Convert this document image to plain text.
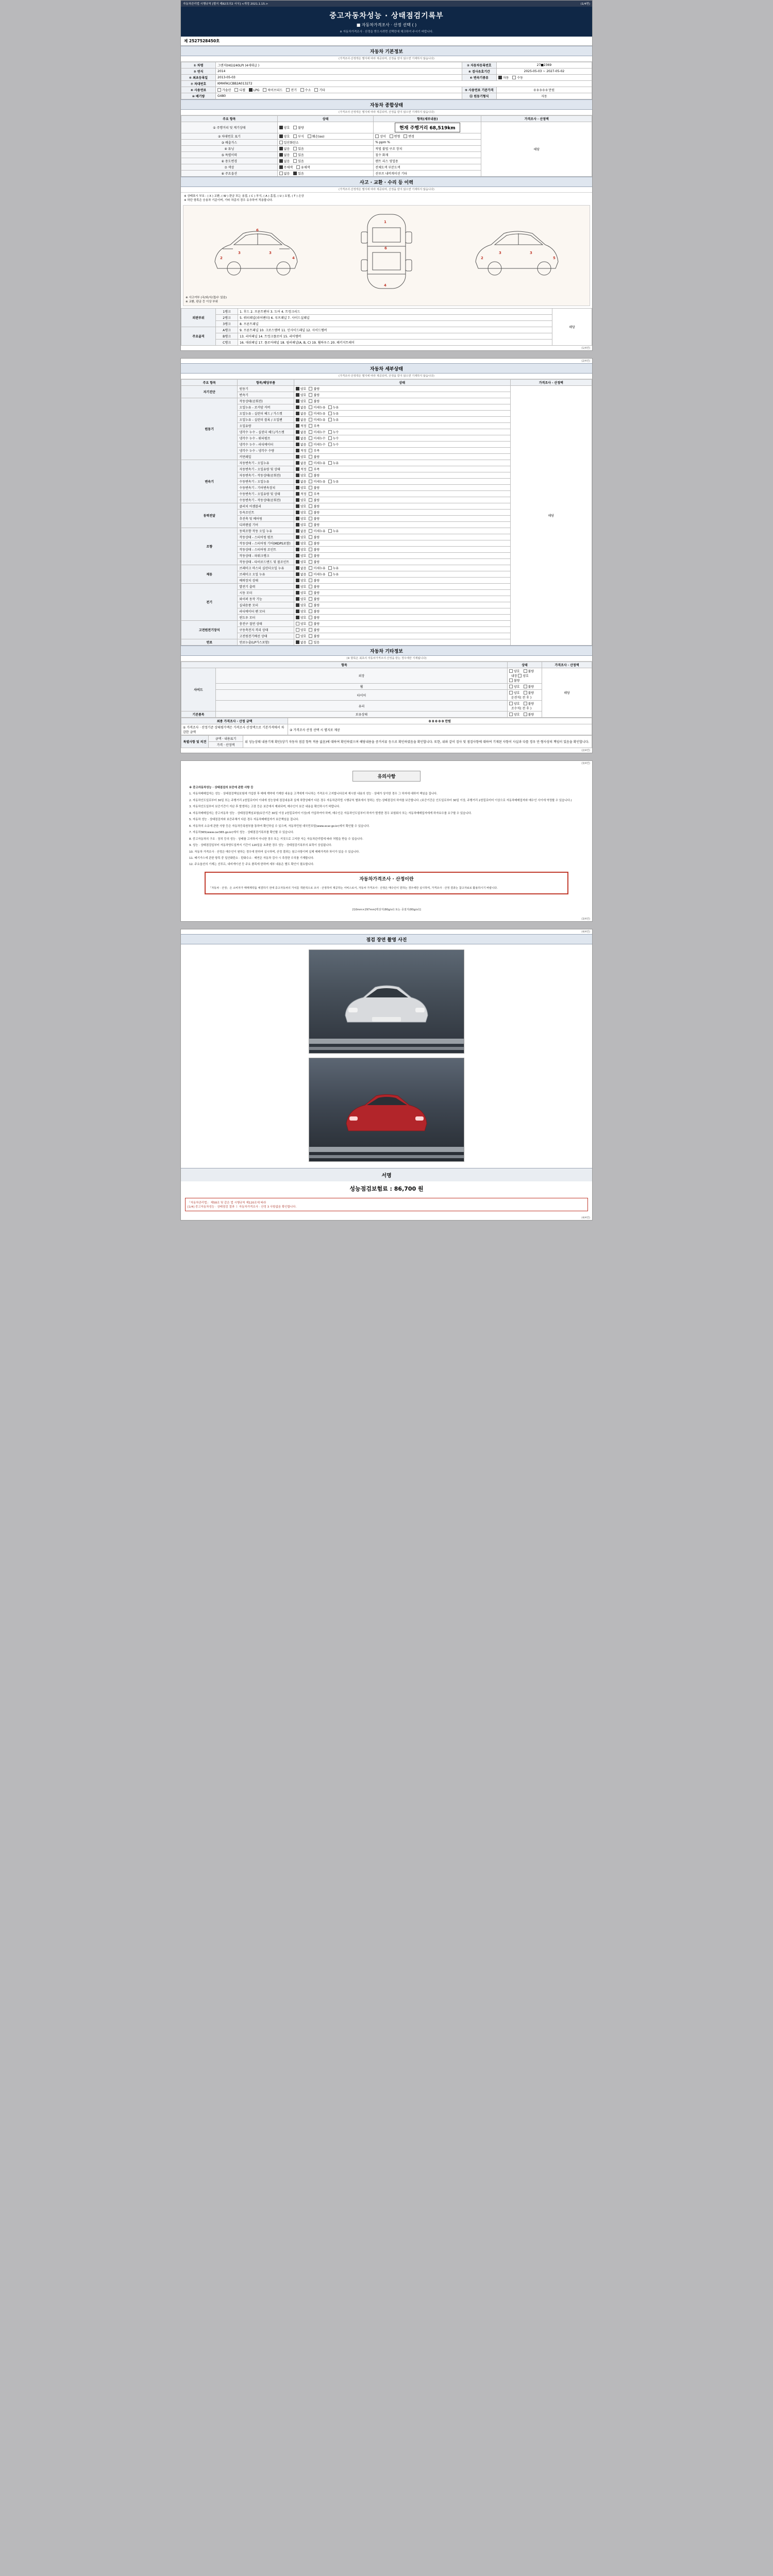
자동차관리법 시행규칙 [별지 제82호의2 서식] <개정 2021.1.15.>	(1/4면)
중고자동차성능 · 상태점검기록부
■ 자동차가격조사 · 산정 선택 ( )
※ 자동차가격조사 · 산정을 받으시려면 선택란에 체크하여 주시기 바랍니다.
제 2527528450호
자동차 기본정보
(가격조사·산정액은 별지에 따라 제공되며, 산정을 받지 않으면 기재하지 않습니다)
① 차명	그랜저(HG)240LPI (4세대급 )	② 자동차등록번호	27■2369
③ 연식	2014	④ 검사유효기간	2025-05-03 ~ 2027-05-02
⑤ 최초등록일	2013-05-03	⑥ 변속기종류	자동 수동
⑦ 차대번호	KMHFA1CBB2A013272		
⑧ 사용연료	가솔린 디젤 LPG 하이브리드 전기 수소 기타	⑨ 사용연료 기준가격	0 0 0 0 0 만원
⑩ 배기량	G480	⑪ 원동기형식	자동
자동차 종합상태
(가격조사·산정액은 별지에 따라 제공되며, 산정을 받지 않으면 기재하지 않습니다)
주요 항목	상태	항목(세부내용)	가격조사 · 산정액
① 주행거리 및 계기상태	양호 불량	현재 주행거리 68,519km	해당
② 차대번호 표기	양호 부식 훼손(oo)	상이 변형 변경	
③ 배출가스	일산화탄소	% ppm %	
④ 튜닝	없음 있음	적법 불법 구조 장치	
⑤ 특별이력	없음 있음	침수 화재	
⑥ 용도변경	없음 있음	렌트 리스 영업용	
⑦ 색상	무채색 유채색	전체도색 부분도색	
⑧ 주요옵션	없음 있음	선루프 내비게이션 기타	
사고 · 교환 · 수리 등 이력
(가격조사·산정액은 별지에 따라 제공되며, 산정을 받지 않으면 기재하지 않습니다)
※ 상태표시 부호 : ( X ) 교환, ( W ) 판금 또는 용접, ( C ) 부식, ( A ) 흠집, ( U ) 요철, ( T ) 손상
※ 하단 항목은 승용차 기준이며, 기타 차종의 경우 유추하여 적용합니다.
3	3
2	4
6
1
4
6
3	3
2	5
※ 사고여부 (국/외/사/결/수 있음)
※ 교환, 판금 등 이상 부위
외판부위	1랭크	1. 후드 2. 프론트팬더 3. 도어 4. 트렁크리드	해당
	2랭크	5. 쿼터패널(리어팬더) 6. 루프패널 7. 사이드실패널	
	3랭크	8. 프론트패널	
주요골격	A랭크	9. 프론트패널 10. 크로스멤버 11. 인사이드패널 12. 사이드멤버	
	B랭크	13. 리어패널 14. 트렁크플로어 15. 리어멤버	
	C랭크	16. 대쉬패널 17. 플로어패널 18. 필러패널(A, B, C) 19. 휠하우스 20. 패키지트레이	
(1/4면)
(2/4면)
자동차 세부상태
(가격조사·산정액은 별지에 따라 제공되며, 산정을 받지 않으면 기재하지 않습니다)
주요 항목	항목/해당부품	상태	가격조사 · 산정액
자기진단	원동기	양호 불량	해당
	변속기	양호 불량	
원동기	작동상태(공회전)	양호 불량	
	오일누유 - 로커암 커버	없음 미세누유 누유	
	오일누유 - 실린더 헤드 / 가스켓	없음 미세누유 누유	
	오일누유 - 실린더 블록 / 오일팬	없음 미세누유 누유	
	오일유량	적정 부족	
	냉각수 누수 - 실린더 헤드/가스켓	없음 미세누수 누수	
	냉각수 누수 - 워터펌프	없음 미세누수 누수	
	냉각수 누수 - 라디에이터	없음 미세누수 누수	
	냉각수 누수 - 냉각수 수량	적정 부족	
	커먼레일	양호 불량	
변속기	자동변속기 - 오일누유	없음 미세누유 누유	
	자동변속기 - 오일유량 및 상태	적정 부족	
	자동변속기 - 작동상태(공회전)	양호 불량	
	수동변속기 - 오일누유	없음 미세누유 누유	
	수동변속기 - 기어변속장치	양호 불량	
	수동변속기 - 오일유량 및 상태	적정 부족	
	수동변속기 - 작동상태(공회전)	양호 불량	
동력전달	클러치 어셈블리	양호 불량	
	등속조인트	양호 불량	
	추진축 및 베어링	양호 불량	
	디퍼렌셜 기어	양호 불량	
조향	동력조향 작동 오일 누유	없음 미세누유 누유	
	작동상태 - 스티어링 펌프	양호 불량	
	작동상태 - 스티어링 기어(MDPS포함)	양호 불량	
	작동상태 - 스티어링 조인트	양호 불량	
	작동상태 - 파워크랭크	양호 불량	
	작동상태 - 타이로드엔드 및 볼조인트	양호 불량	
제동	브레이크 마스터 실린더오일 누유	없음 미세누유 누유	
	브레이크 오일 누유	없음 미세누유 누유	
	배력장치 상태	양호 불량	
전기	발전기 출력	양호 불량	
	시동 모터	양호 불량	
	와이퍼 동작 기능	양호 불량	
	실내송풍 모터	양호 불량	
	라디에이터 팬 모터	양호 불량	
	윈도우 모터	양호 불량	
고전원전기장치	충전구 절연 상태	양호 불량	
	구동축전지 격리 상태	양호 불량	
	고전원전기배선 상태	양호 불량	
연료	연료누출(LP가스포함)	없음 있음	
자동차 기타정보
(※ 항목은 최초의 자동차가격조사·산정을 받는 경우에만 기재됩니다)
항목		상태	가격조사 · 산정액
사이드	외장	양호 불량   내장 양호 불량	해당
	휠	양호 불량	
	타이어	양호 불량   운전석( 전 후 )	
	유리	양호 불량   조수석( 전 후 )	
기본품목	보유상태	양호 불량	
최종 가격조사 · 산정 금액	0 0 0 0 0 만원
① 가격조사 · 산정기준 상태평가액은 가격조사 산정액으로 기본가격에서 차감한 금액	② 가격조사 산정 선택 시 별지로 제공
특별사항 및 의견	금액 · 내용표기	위 성능상태 내용기재 확인(상기 자동차 점검 항목 적용 없음)에 대하여 확인하였으며 해당내용을 증거서류 등으로 확인하였음을 확인합니다. 또한, 위와 같이 검사 및 점검사항에 대하여 기재된 사항이 사실과 다를 경우 민·형사상의 책임이 있음을 확인합니다.
가격 · 산정액
(2/4면)
(3/4면)
유의사항

※ 중고자동차성능 · 상태점검의 보증에 관한 사항 등

1. 자동차매매업자는 성능 · 상태점검책임보험에 가입한 후 매매 계약에 기재한 내용을 고객에게 아니하는 가격조사 고지합니다로써 제시한 내용의 성능 · 상태가 상이한 경우 그 하자에 대하여 책임을 집니다.

2. 자동차인도일로부터 30일 또는 주행거리 2천킬로미터 이내에 성능상태 점검내용과 실제 차량상태가 다른 경우 자동차관리법 시행규칙 별표에서 정하는 성능·상태점검의 하자를 보증합니다. (보증기간은 인도일로부터 30일 이상, 주행거리 2천킬로미터 이상으로 자동차매매업자와 매수인 사이에 약정할 수 있습니다.)

3. 자동차인도일부터 보증기간이 지난 후 발생하는 고장 등은 보증에서 제외되며, 매수인이 보증 내용을 확인하시기 바랍니다.

4. 자동차매매업자는 중고자동차 성능 · 상태점검책임보험(보증기간 30일 이상 2천킬로미터 이상)에 가입하여야 하며, 매수인은 자동차인도일부터 하자가 발생한 경우 보험회사 또는 자동차매매업자에게 하자보수를 요구할 수 있습니다.

5. 자동차 성능 · 상태점검자와 보증주체가 다른 경우 자동차매매업자가 보증책임을 집니다.

6. 자동차의 소유에 관한 사항 등은 자동차등록원부를 통하여 확인하실 수 있으며, 자동차민원 대국민포털(www.ecar.go.kr)에서 확인할 수 있습니다.

7. 자동차365(www.car365.go.kr)에서 성능 · 상태점검기록부를 확인할 수 있습니다.

8. 중고자동차의 구조 · 장치 등의 성능 · 상태를 고지하지 아니한 경우 또는 거짓으로 고지한 자는 자동차관리법에 따라 처벌을 받을 수 있습니다.

9. 성능 · 상태점검일부터 자동차양도일까지 기간이 120일을 초과한 경우 성능 · 상태점검기록부의 효력이 상실됩니다.

10. 자동차 가격조사 · 산정은 매수인이 원하는 경우에 한하여 실시하며, 산정 결과는 참고사항이며 실제 매매가격과 차이가 있을 수 있습니다.

11. 배기가스에 관한 항목 중 일산화탄소 · 탄화수소 · 매연은 자동차 검사 시 측정한 수치를 기재합니다.

12. 주요옵션의 기재는 선루프, 내비게이션 등 주요 품목에 한하며 세부 내용은 별도 확인이 필요합니다.

자동차가격조사 · 산정이란
「자동차 · 산정」은 소비자가 매매계약을 체결하기 전에 중고자동차의 가치를 객관적으로 조사 · 산정하여 제공하는 서비스로서, 자동차 가격조사 · 산정은 매수인이 원하는 경우에만 실시하며, 가격조사 · 산정 결과는 참고자료로 활용하시기 바랍니다.
210mm×297mm[백상지(80g/㎡) 또는 중질지(80g/㎡)]
(3/4면)
(4/4면)
점검 장면 촬영 사진
서명
성능점검보험료 : 86,700 원
「자동차관리법」 제58조 및 같은 법 시행규칙 제120조에 따라
[1/4] 중고자동차성능 · 상태점검 결과 ㅣ 자동차가격조사 · 산정 3 사항없음 확인합니다.
(4/4면)
